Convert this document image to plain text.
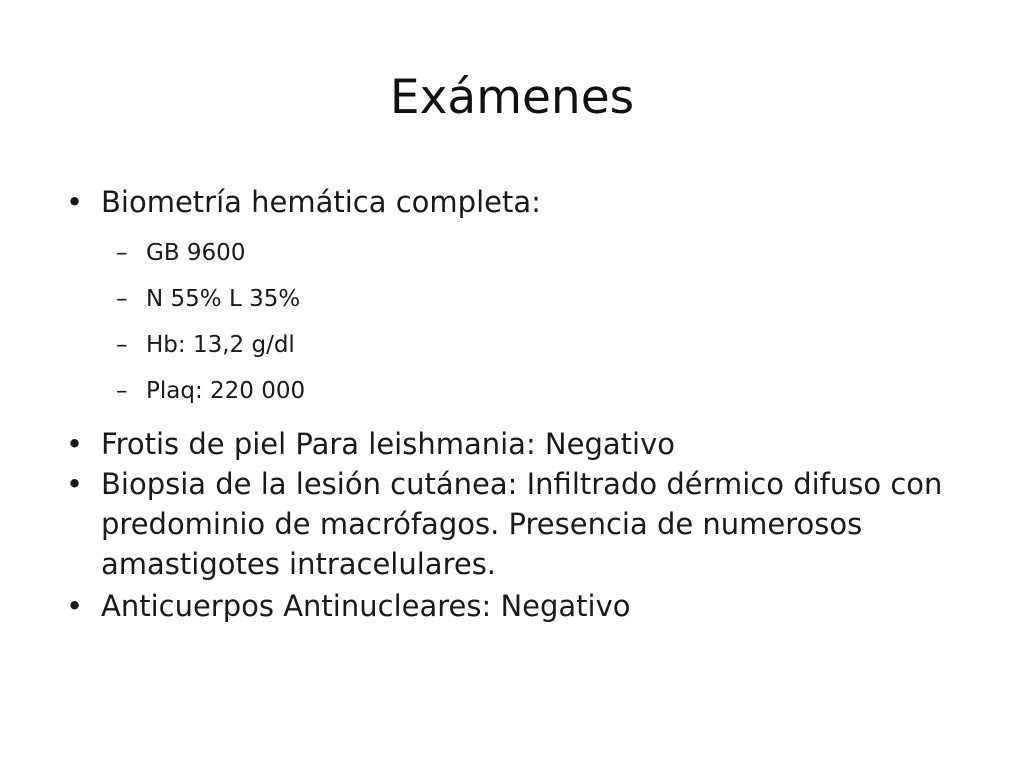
Exámenes
• Biometría hemática completa:
– GB 9600
– N 55% L 35%
– Hb: 13,2 g/dl
– Plaq: 220 000
• Frotis de piel Para leishmania: Negativo
• Biopsia de la lesión cutánea: Infiltrado dérmico difuso con predominio de macrófagos. Presencia de numerosos amastigotes intracelulares.
• Anticuerpos Antinucleares: Negativo
